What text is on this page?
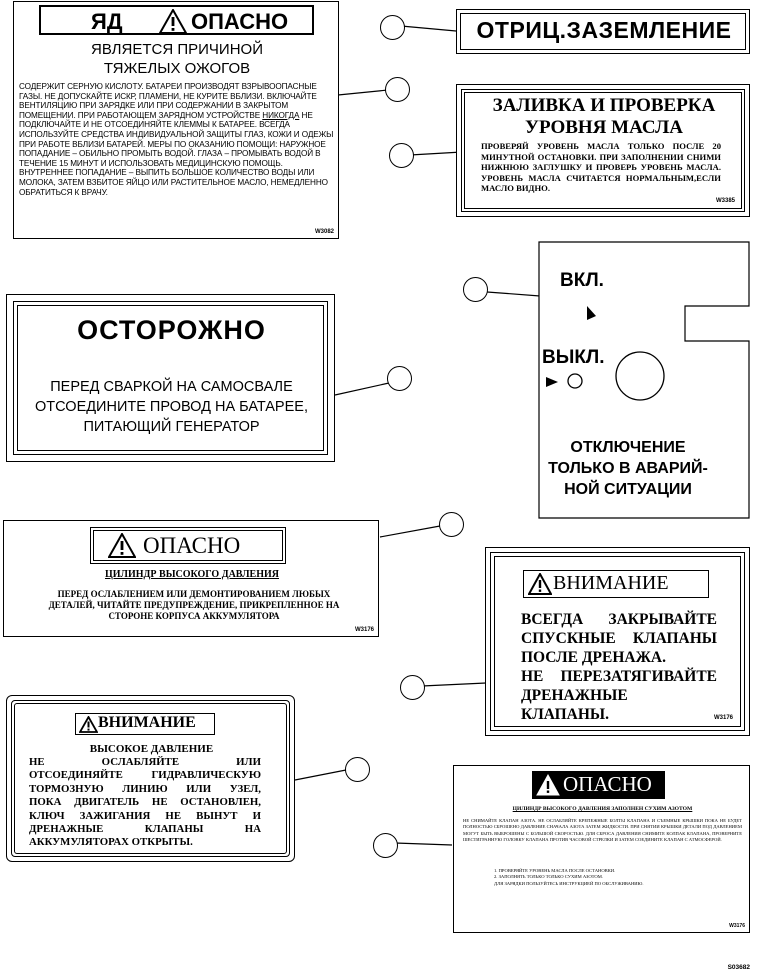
ЯД	ОПАСНО
ЯВЛЯЕТСЯ ПРИЧИНОЙ
ТЯЖЕЛЫХ ОЖОГОВ
СОДЕРЖИТ СЕРНУЮ КИСЛОТУ. БАТАРЕИ ПРОИЗВОДЯТ ВЗРЫВООПАСНЫЕ ГАЗЫ. НЕ ДОПУСКАЙТЕ ИСКР, ПЛАМЕНИ, НЕ КУРИТЕ ВБЛИЗИ. ВКЛЮЧАЙТЕ ВЕНТИЛЯЦИЮ ПРИ ЗАРЯДКЕ ИЛИ ПРИ СОДЕРЖАНИИ В ЗАКРЫТОМ ПОМЕЩЕНИИ. ПРИ РАБОТАЮЩЕМ ЗАРЯДНОМ УСТРОЙСТВЕ НИКОГДА НЕ ПОДКЛЮЧАЙТЕ И НЕ ОТСОЕДИНЯЙТЕ КЛЕММЫ К БАТАРЕЕ. ВСЕГДА ИСПОЛЬЗУЙТЕ СРЕДСТВА ИНДИВИДУАЛЬНОЙ ЗАЩИТЫ ГЛАЗ, КОЖИ И ОДЕЖЫ ПРИ РАБОТЕ ВБЛИЗИ БАТАРЕЙ. МЕРЫ ПО ОКАЗАНИЮ ПОМОЩИ: НАРУЖНОЕ ПОПАДАНИЕ – ОБИЛЬНО ПРОМЫТЬ ВОДОЙ. ГЛАЗА – ПРОМЫВАТЬ ВОДОЙ В ТЕЧЕНИЕ 15 МИНУТ И ИСПОЛЬЗОВАТЬ МЕДИЦИНСКУЮ ПОМОЩЬ. ВНУТРЕННЕЕ ПОПАДАНИЕ – ВЫПИТЬ БОЛЬШОЕ КОЛИЧЕСТВО ВОДЫ ИЛИ МОЛОКА, ЗАТЕМ ВЗБИТОЕ ЯЙЦО ИЛИ РАСТИТЕЛЬНОЕ МАСЛО, НЕМЕДЛЕННО ОБРАТИТЬСЯ К ВРАЧУ.
W3082
ОТРИЦ.ЗАЗЕМЛЕНИЕ
ЗАЛИВКА И ПРОВЕРКА
УРОВНЯ МАСЛА
ПРОВЕРЯЙ УРОВЕНЬ МАСЛА ТОЛЬКО ПОСЛЕ 20 МИНУТНОЙ ОСТАНОВКИ. ПРИ ЗАПОЛНЕНИИ СНИМИ НИЖНЮЮ ЗАГЛУШКУ И ПРОВЕРЬ УРОВЕНЬ МАСЛА. УРОВЕНЬ МАСЛА СЧИТАЕТСЯ НОРМАЛЬНЫМ,ЕСЛИ МАСЛО ВИДНО.
W3385
ВКЛ.
ВЫКЛ.
ОТКЛЮЧЕНИЕ
ТОЛЬКО В АВАРИЙ-
НОЙ СИТУАЦИИ
ОСТОРОЖНО
ПЕРЕД СВАРКОЙ НА САМОСВАЛЕ
ОТСОЕДИНИТЕ ПРОВОД НА БАТАРЕЕ,
ПИТАЮЩИЙ ГЕНЕРАТОР
ОПАСНО
ЦИЛИНДР ВЫСОКОГО ДАВЛЕНИЯ
ПЕРЕД ОСЛАБЛЕНИЕМ ИЛИ ДЕМОНТИРОВАНИЕМ ЛЮБЫХ ДЕТАЛЕЙ, ЧИТАЙТЕ ПРЕДУПРЕЖДЕНИЕ, ПРИКРЕПЛЕННОЕ НА СТОРОНЕ КОРПУСА АККУМУЛЯТОРА
W3176
ВНИМАНИЕ
ВСЕГДА ЗАКРЫВАЙТЕ
СПУСКНЫЕ КЛАПАНЫ
ПОСЛЕ ДРЕНАЖА.
НЕ ПЕРЕЗАТЯГИВАЙТЕ
ДРЕНАЖНЫЕ КЛАПАНЫ.	W3176
ВНИМАНИЕ
ВЫСОКОЕ ДАВЛЕНИЕ
НЕ ОСЛАБЛЯЙТЕ ИЛИ
ОТСОЕДИНЯЙТЕ ГИДРАВЛИЧЕСКУЮ
ТОРМОЗНУЮ ЛИНИЮ ИЛИ УЗЕЛ,
ПОКА ДВИГАТЕЛЬ НЕ ОСТАНОВЛЕН,
КЛЮЧ ЗАЖИГАНИЯ НЕ ВЫНУТ И
ДРЕНАЖНЫЕ КЛАПАНЫ НА
АККУМУЛЯТОРАХ ОТКРЫТЫ.
ОПАСНО
ЦИЛИНДР ВЫСОКОГО ДАВЛЕНИЯ ЗАПОЛНЕН СУХИМ АЗОТОМ
НЕ СНИМАЙТЕ КЛАПАН АЗОТА. НЕ ОСЛАБЛЯЙТЕ КРЕПЕЖНЫЕ БОЛТЫ КЛАПАНА И СЪЕМНЫЕ КРЫШКИ ПОКА НЕ БУДЕТ ПОЛНОСТЬЮ СБРОШЕНО ДАВЛЕНИЕ СНАЧАЛА АЗОТА ЗАТЕМ ЖИДКОСТИ. ПРИ СНЯТИИ КРЫШКИ ДЕТАЛИ ПОД ДАВЛЕНИЕМ МОГУТ БЫТЬ ВЫБРОШЕНЫ С БОЛЬШОЙ СКОРОСТЬЮ. ДЛЯ СБРОСА ДАВЛЕНИЯ СНИМИТЕ КОЛПАК КЛАПАНА, ПРОВЕРНИТЕ ШЕСТИГРАННУЮ ГОЛОВКУ КЛАПАНА ПРОТИВ ЧАСОВОЙ СТРЕЛКИ И ЗАТЕМ СОЕДИНИТЕ КЛАПАН С АТМОСФЕРОЙ.
1. ПРОВЕРЯЙТЕ УРОВЕНЬ МАСЛА ПОСЛЕ ОСТАНОВКИ.
2. ЗАПОЛНЯТЬ ТОЛЬКО ТОЛЬКО СУХИМ АЗОТОМ.
ДЛЯ ЗАРЯДКИ ПОЛЬЗУЙТЕСЬ ИНСТРУКЦИЕЙ ПО ОБСЛУЖИВАНИЮ.
W3176
S03682
